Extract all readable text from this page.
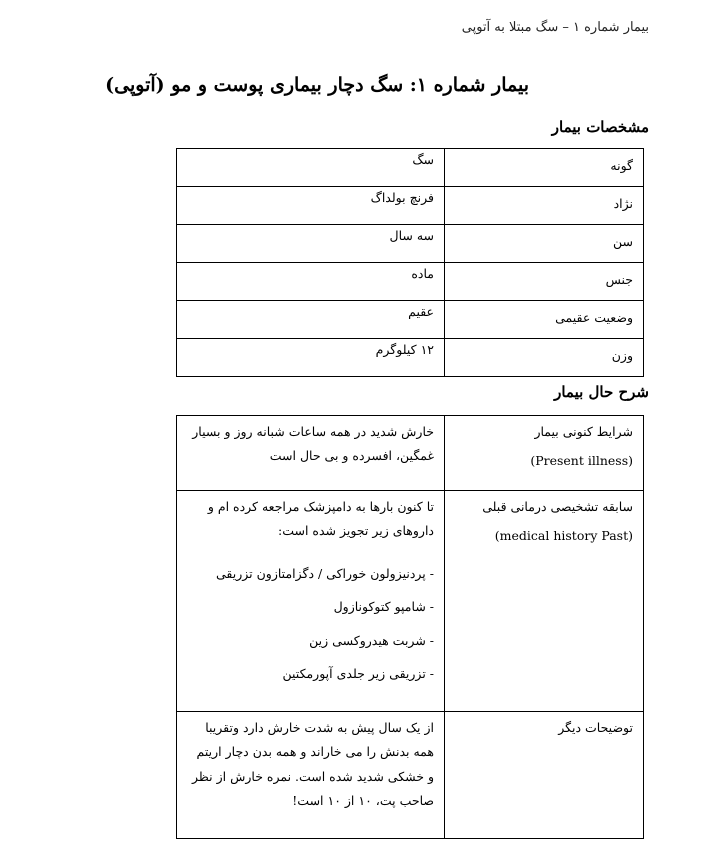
بیمار شماره ۱ – سگ مبتلا به آتوپی
بیمار شماره ۱: سگ دچار بیماری پوست و مو (آتوپی)
مشخصات بیمار
گونه	سگ

نژاد	فرنچ بولداگ

سن	سه سال

جنس	ماده

وضعیت عقیمی	عقیم

وزن	۱۲ کیلوگرم
شرح حال بیمار
شرایط کنونی بیمار
(Present illness)	خارش شدید در همه ساعات شبانه روز و بسیار غمگین، افسرده و بی حال است

سابقه تشخیصی درمانی قبلی
(medical history Past)	تا کنون بارها به دامپزشک مراجعه کرده ام و داروهای زیر تجویز شده است:
- پردنیزولون خوراکی / دگزامتازون تزریقی
- شامپو کتوکونازول
- شربت هیدروکسی زین
- تزریقی زیر جلدی آپورمکتین

توضیحات دیگر	از یک سال پیش به شدت خارش دارد وتقریبا همه بدنش را می خاراند و همه بدن دچار اریتم و خشکی شدید شده است. نمره خارش از نظر صاحب پت، ۱۰ از ۱۰ است!
